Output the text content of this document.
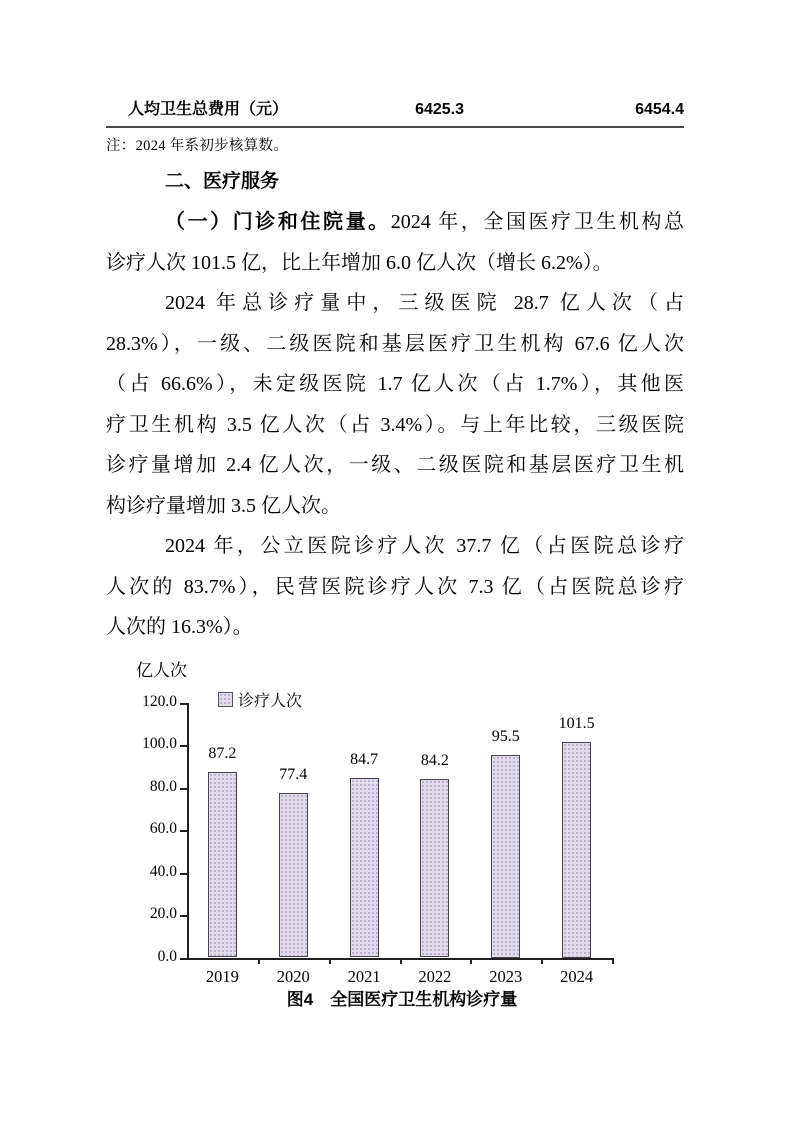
人均卫生总费用（元）	6425.3	6454.4
注：2024 年系初步核算数。
二、医疗服务
（一）门诊和住院量。2024 年，全国医疗卫生机构总
诊疗人次 101.5 亿，比上年增加 6.0 亿人次（增长 6.2%）。
2024 年总诊疗量中，三级医院 28.7 亿人次（占
28.3%），一级、二级医院和基层医疗卫生机构 67.6 亿人次
（占 66.6%），未定级医院 1.7 亿人次（占 1.7%），其他医
疗卫生机构 3.5 亿人次（占 3.4%）。与上年比较，三级医院
诊疗量增加 2.4 亿人次，一级、二级医院和基层医疗卫生机
构诊疗量增加 3.5 亿人次。
2024 年，公立医院诊疗人次 37.7 亿（占医院总诊疗
人次的 83.7%），民营医院诊疗人次 7.3 亿（占医院总诊疗
人次的 16.3%）。
亿人次
诊疗人次
0.0
20.0
40.0
60.0
80.0
100.0
120.0
87.2
2019
77.4
2020
84.7
2021
84.2
2022
95.5
2023
101.5
2024
图4　全国医疗卫生机构诊疗量
